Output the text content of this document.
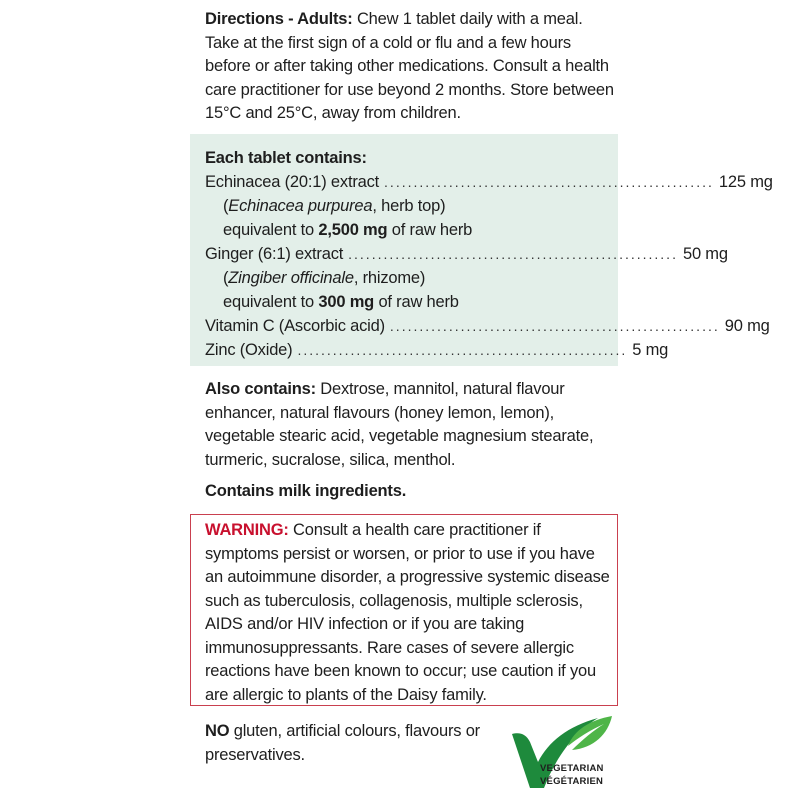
Directions - Adults: Chew 1 tablet daily with a meal. Take at the first sign of a cold or flu and a few hours before or after taking other medications. Consult a health care practitioner for use beyond 2 months. Store between 15°C and 25°C, away from children.
Each tablet contains:
Echinacea (20:1) extract ........................................................ 125 mg
( Echinacea purpurea , herb top)
equivalent to
2,500 mg
of raw herb
Ginger (6:1) extract ........................................................ 50 mg
( Zingiber officinale , rhizome)
equivalent to
300 mg
of raw herb
Vitamin C (Ascorbic acid) ........................................................ 90 mg
Zinc (Oxide) ........................................................ 5 mg
Also contains: Dextrose, mannitol, natural flavour enhancer, natural flavours (honey lemon, lemon), vegetable stearic acid, vegetable magnesium stearate, turmeric, sucralose, silica, menthol.
Contains milk ingredients.
WARNING: Consult a health care practitioner if symptoms persist or worsen, or prior to use if you have an autoimmune disorder, a progressive systemic disease such as tuberculosis, collagenosis, multiple sclerosis, AIDS and/or HIV infection or if you are taking immunosuppressants. Rare cases of severe allergic reactions have been known to occur; use caution if you are allergic to plants of the Daisy family.
NO gluten, artificial colours, flavours or preservatives.
VEGETARIAN
VÉGÉTARIEN
